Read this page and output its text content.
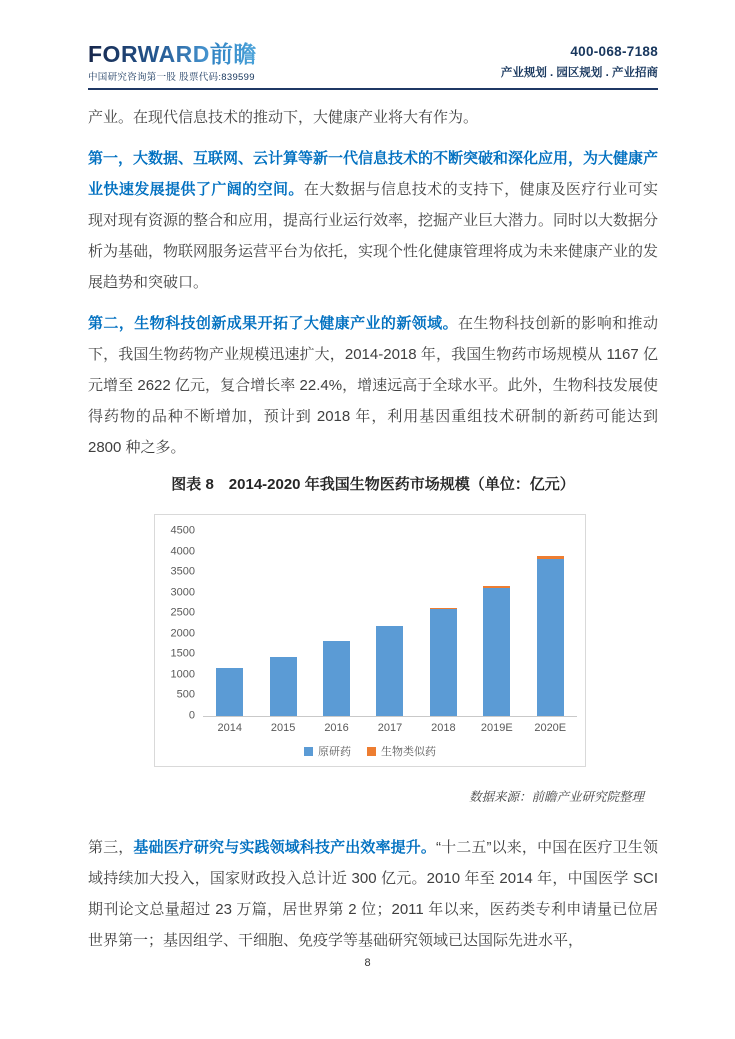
FORWARD前瞻
中国研究咨询第一股 股票代码:839599
400-068-7188
产业规划 . 园区规划 . 产业招商

产业。在现代信息技术的推动下，大健康产业将大有作为。

第一，大数据、互联网、云计算等新一代信息技术的不断突破和深化应用，为大健康产业快速发展提供了广阔的空间。在大数据与信息技术的支持下，健康及医疗行业可实现对现有资源的整合和应用，提高行业运行效率，挖掘产业巨大潜力。同时以大数据分析为基础，物联网服务运营平台为依托，实现个性化健康管理将成为未来健康产业的发展趋势和突破口。

第二，生物科技创新成果开拓了大健康产业的新领域。在生物科技创新的影响和推动下，我国生物药物产业规模迅速扩大，2014-2018 年，我国生物药市场规模从 1167 亿元增至 2622 亿元，复合增长率 22.4%，增速远高于全球水平。此外，生物科技发展使得药物的品种不断增加，预计到 2018 年，利用基因重组技术研制的新药可能达到 2800 种之多。

图表 8　2014-2020 年我国生物医药市场规模（单位：亿元）
0
500
1000
1500
2000
2500
3000
3500
4000
4500
2014	2015	2016	2017	2018	2019E	2020E
原研药	生物类似药
数据来源：前瞻产业研究院整理

第三，基础医疗研究与实践领域科技产出效率提升。“十二五”以来，中国在医疗卫生领域持续加大投入，国家财政投入总计近 300 亿元。2010 年至 2014 年，中国医学 SCI 期刊论文总量超过 23 万篇，居世界第 2 位；2011 年以来，医药类专利申请量已位居世界第一；基因组学、干细胞、免疫学等基础研究领域已达国际先进水平，

8
